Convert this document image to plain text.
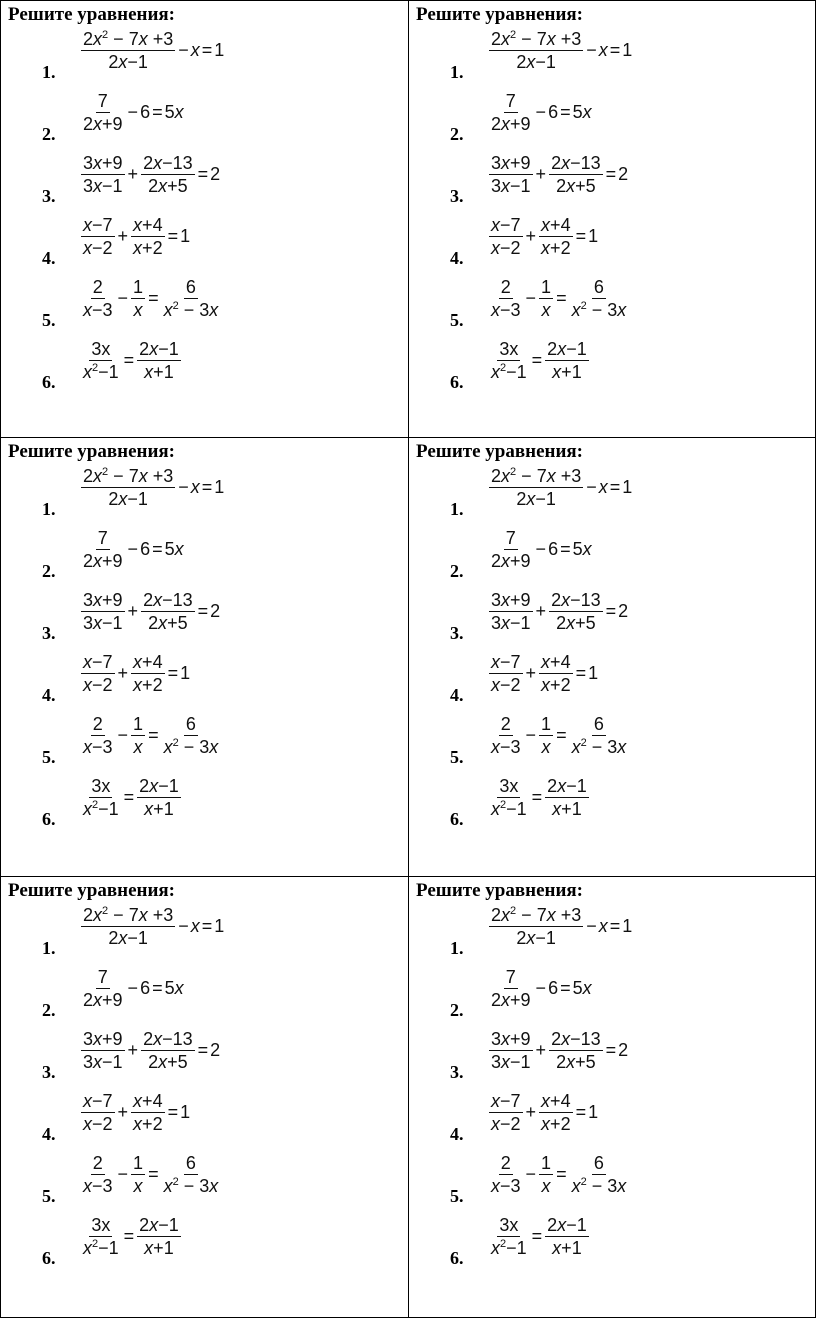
Решите уравнения:
1. $\frac{2x^2 - 7x +3}{2x-1} - x = 1$
2. $\frac{7}{2x+9} - 6 = 5$ x
3. $\frac{3x+9}{3x-1} + \frac{2x-13}{2x+5} = 2$
4. $\frac{x-7}{x-2} + \frac{x+4}{x+2} = 1$
5. $\frac{2}{x-3} - \frac{1}{x} = \frac{6}{x^2 - 3x}$
6. $\frac{3x}{x^2-1} = \frac{2x-1}{x+1}$
Решите уравнения:
1. $\frac{2x^2 - 7x +3}{2x-1} - x = 1$
2. $\frac{7}{2x+9} - 6 = 5$ x
3. $\frac{3x+9}{3x-1} + \frac{2x-13}{2x+5} = 2$
4. $\frac{x-7}{x-2} + \frac{x+4}{x+2} = 1$
5. $\frac{2}{x-3} - \frac{1}{x} = \frac{6}{x^2 - 3x}$
6. $\frac{3x}{x^2-1} = \frac{2x-1}{x+1}$
Решите уравнения:
1. $\frac{2x^2 - 7x +3}{2x-1} - x = 1$
2. $\frac{7}{2x+9} - 6 = 5$ x
3. $\frac{3x+9}{3x-1} + \frac{2x-13}{2x+5} = 2$
4. $\frac{x-7}{x-2} + \frac{x+4}{x+2} = 1$
5. $\frac{2}{x-3} - \frac{1}{x} = \frac{6}{x^2 - 3x}$
6. $\frac{3x}{x^2-1} = \frac{2x-1}{x+1}$
Решите уравнения:
1. $\frac{2x^2 - 7x +3}{2x-1} - x = 1$
2. $\frac{7}{2x+9} - 6 = 5$ x
3. $\frac{3x+9}{3x-1} + \frac{2x-13}{2x+5} = 2$
4. $\frac{x-7}{x-2} + \frac{x+4}{x+2} = 1$
5. $\frac{2}{x-3} - \frac{1}{x} = \frac{6}{x^2 - 3x}$
6. $\frac{3x}{x^2-1} = \frac{2x-1}{x+1}$
Решите уравнения:
1. $\frac{2x^2 - 7x +3}{2x-1} - x = 1$
2. $\frac{7}{2x+9} - 6 = 5$ x
3. $\frac{3x+9}{3x-1} + \frac{2x-13}{2x+5} = 2$
4. $\frac{x-7}{x-2} + \frac{x+4}{x+2} = 1$
5. $\frac{2}{x-3} - \frac{1}{x} = \frac{6}{x^2 - 3x}$
6. $\frac{3x}{x^2-1} = \frac{2x-1}{x+1}$
Решите уравнения:
1. $\frac{2x^2 - 7x +3}{2x-1} - x = 1$
2. $\frac{7}{2x+9} - 6 = 5$ x
3. $\frac{3x+9}{3x-1} + \frac{2x-13}{2x+5} = 2$
4. $\frac{x-7}{x-2} + \frac{x+4}{x+2} = 1$
5. $\frac{2}{x-3} - \frac{1}{x} = \frac{6}{x^2 - 3x}$
6. $\frac{3x}{x^2-1} = \frac{2x-1}{x+1}$
